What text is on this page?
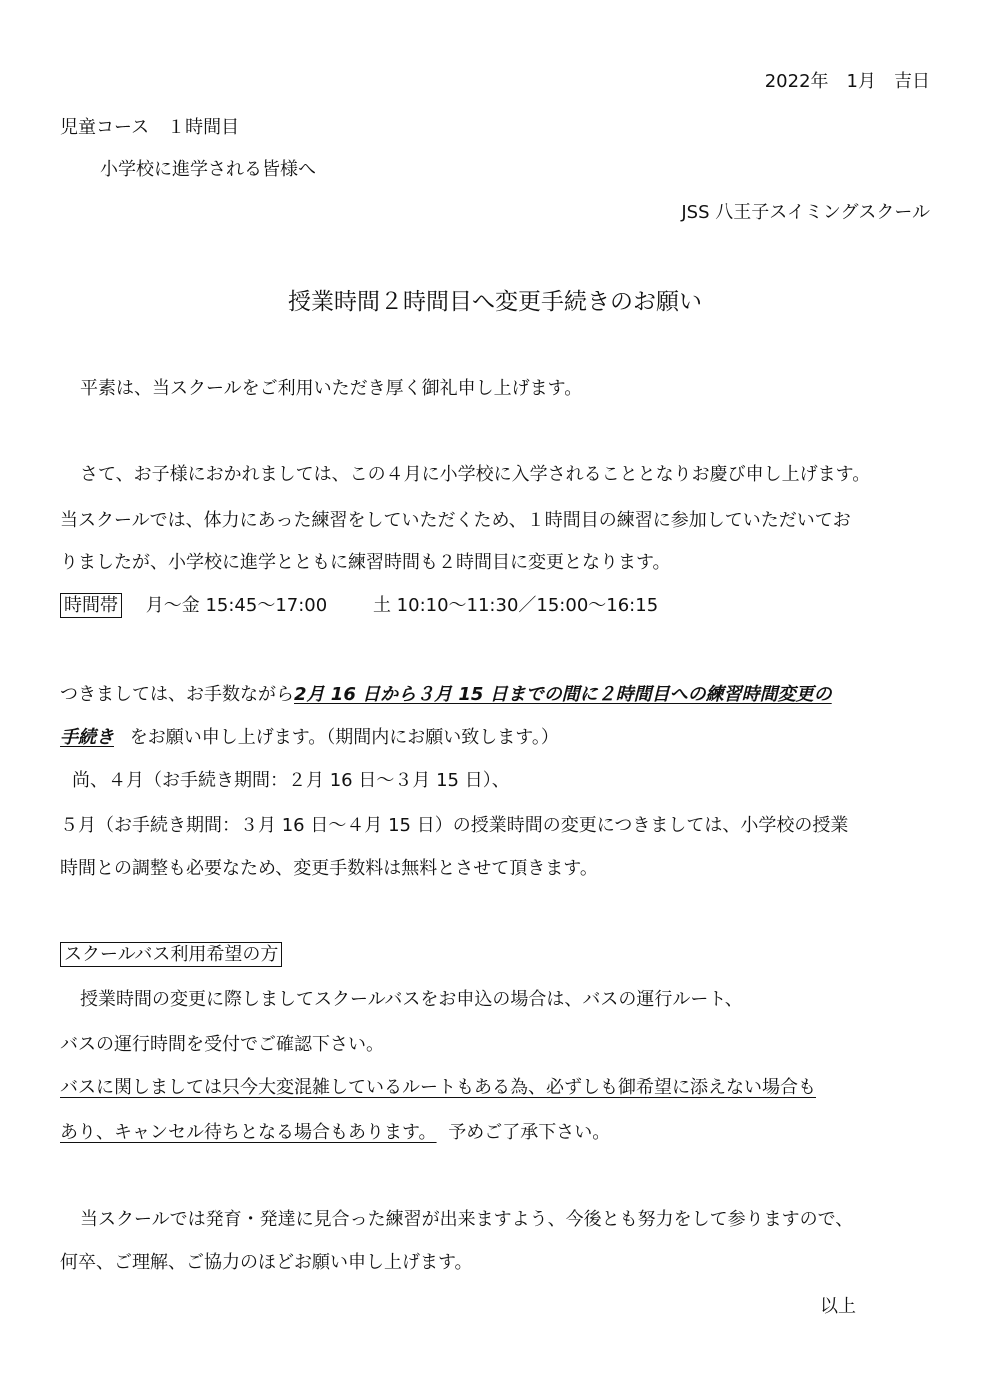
2022年　1月　吉日
児童コース　１時間目
小学校に進学される皆様へ
JSS 八王子スイミングスクール
授業時間２時間目へ変更手続きのお願い
平素は、当スクールをご利用いただき厚く御礼申し上げます。
さて、お子様におかれましては、この４月に小学校に入学されることとなりお慶び申し上げます。
当スクールでは、体力にあった練習をしていただくため、１時間目の練習に参加していただいてお
りましたが、小学校に進学とともに練習時間も２時間目に変更となります。
時間帯 月～金 15:45～17:00	土 10:10～11:30／15:00～16:15
つきましては、お手数ながら2月 16 日から３月 15 日までの間に２時間目への練習時間変更の
手続き をお願い申し上げます。（期間内にお願い致します。）
尚、４月（お手続き期間：２月 16 日～３月 15 日）、
５月（お手続き期間：３月 16 日～４月 15 日）の授業時間の変更につきましては、小学校の授業
時間との調整も必要なため、変更手数料は無料とさせて頂きます。
スクールバス利用希望の方
授業時間の変更に際しましてスクールバスをお申込の場合は、バスの運行ルート、
バスの運行時間を受付でご確認下さい。
バスに関しましては只今大変混雑しているルートもある為、必ずしも御希望に添えない場合も
あり、キャンセル待ちとなる場合もあります。 予めご了承下さい。
当スクールでは発育・発達に見合った練習が出来ますよう、今後とも努力をして参りますので、
何卒、ご理解、ご協力のほどお願い申し上げます。
以上
